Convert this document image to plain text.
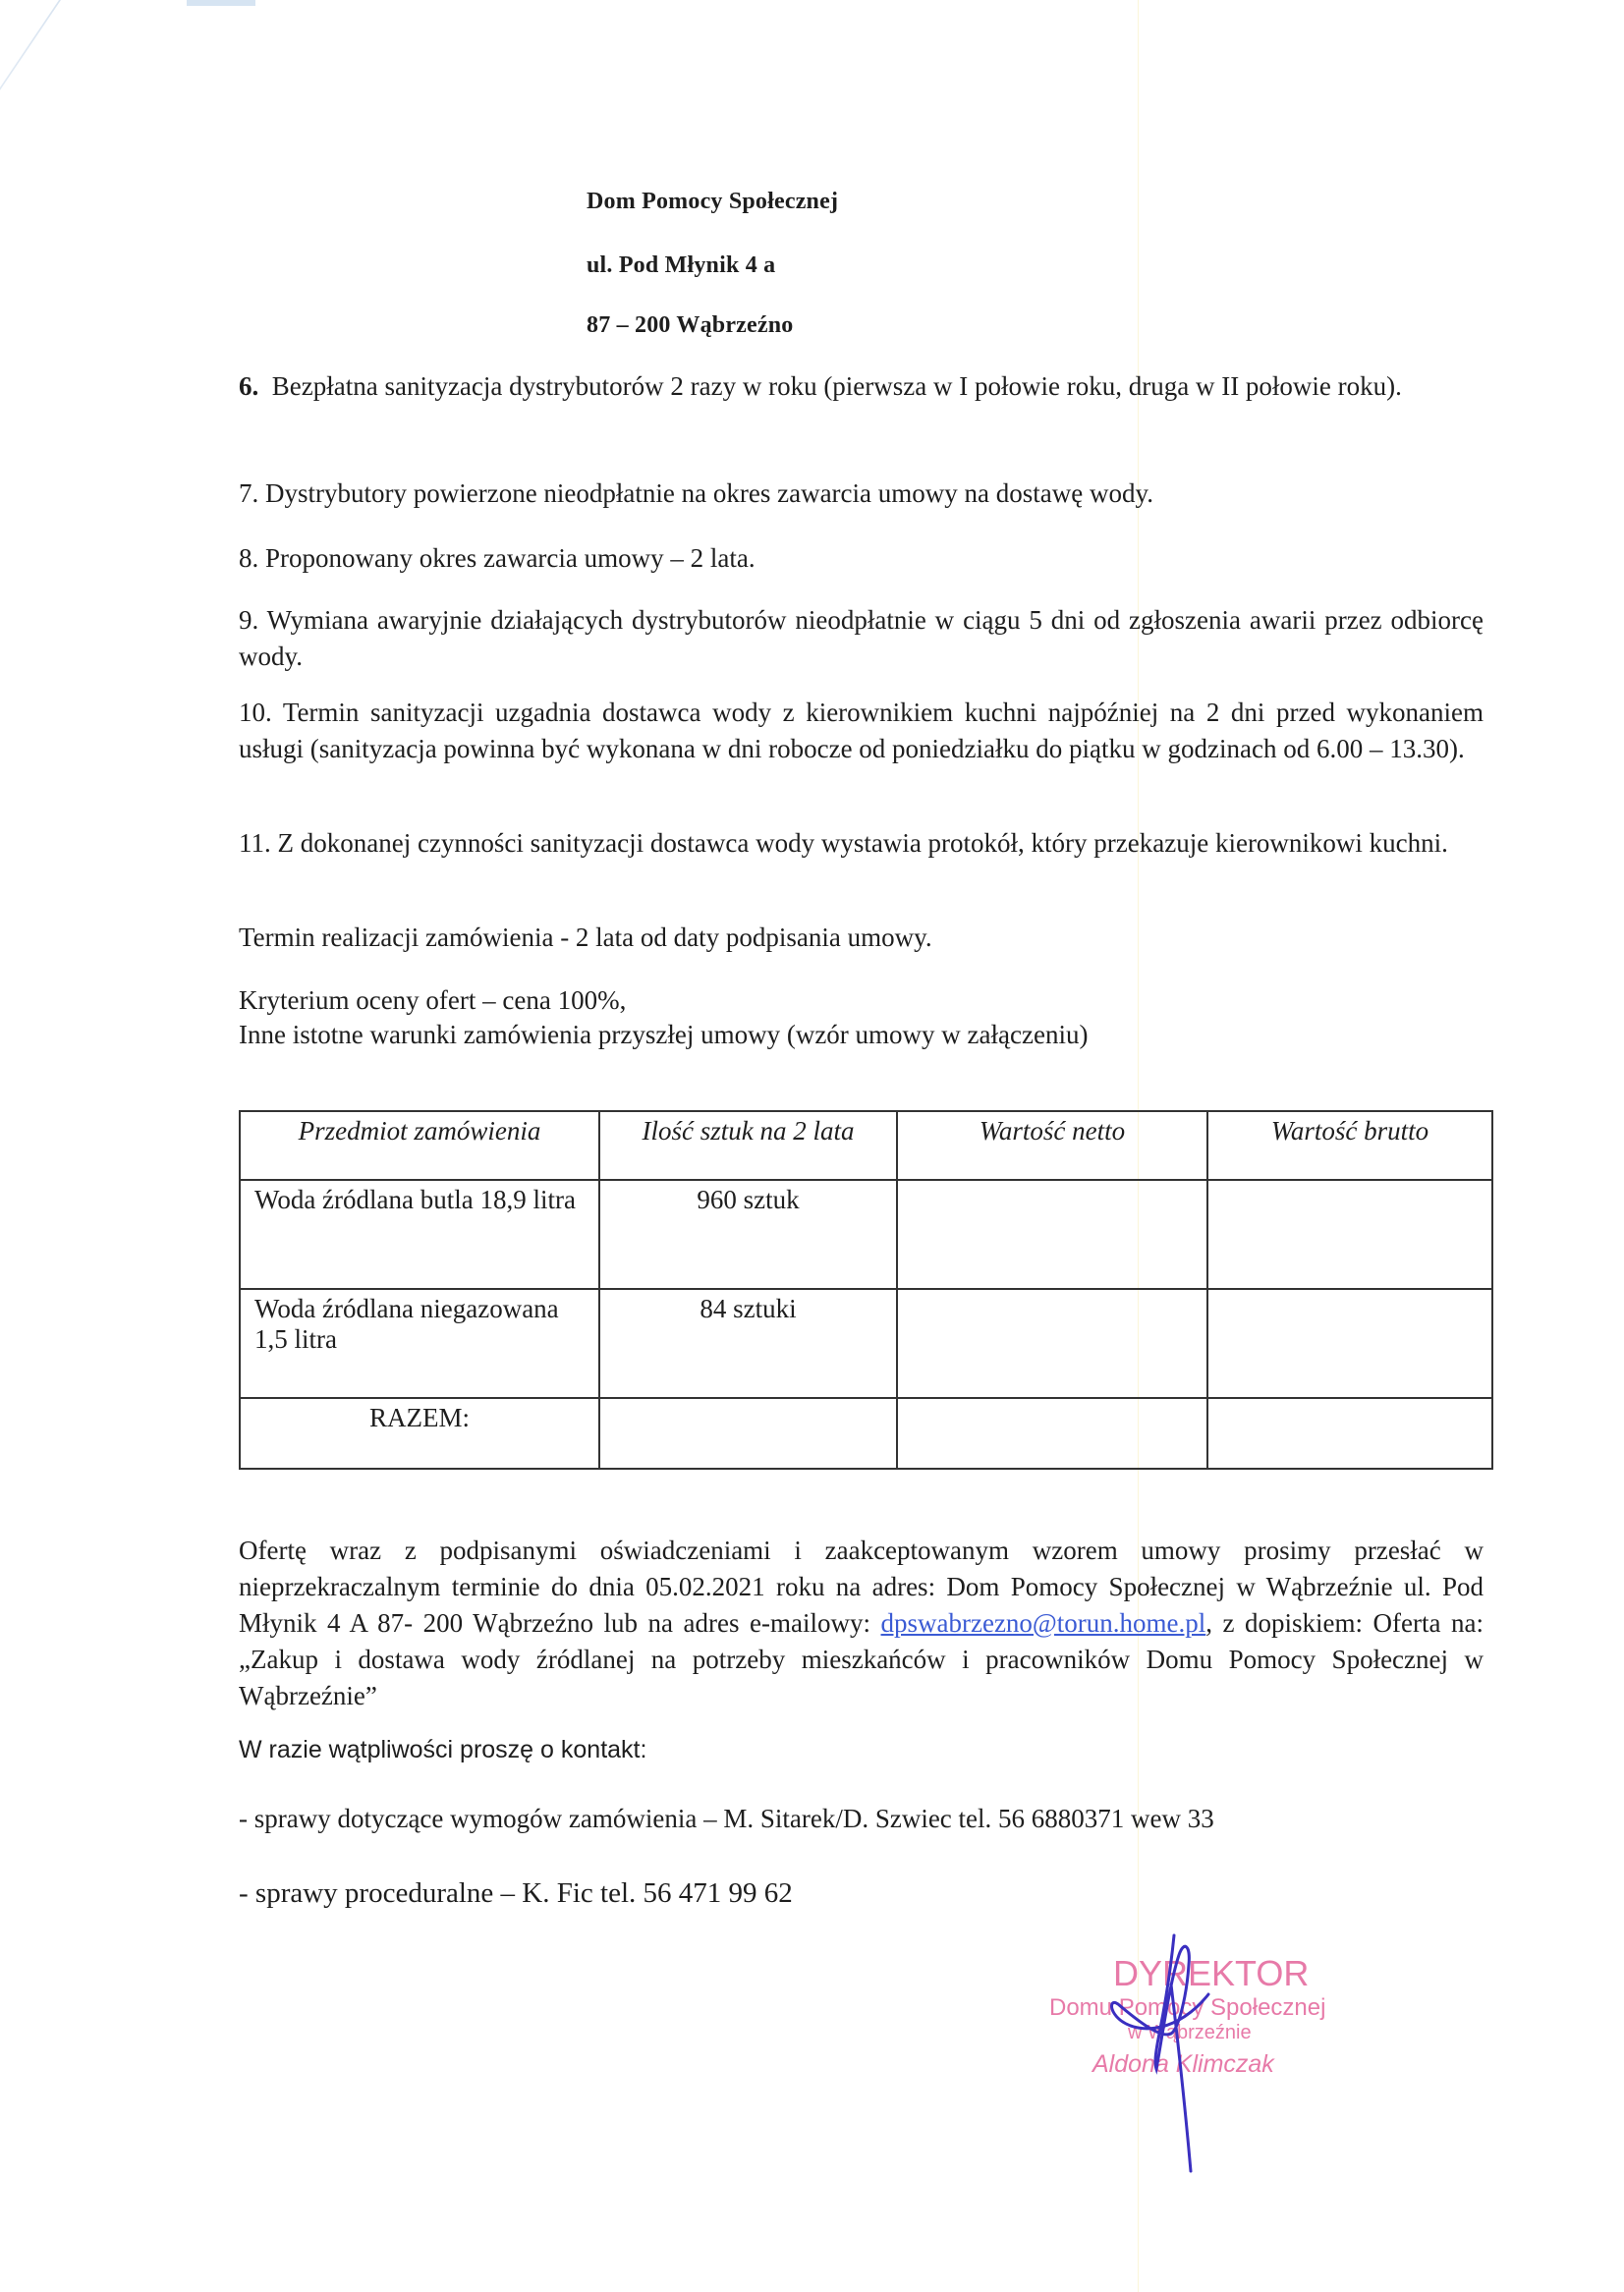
Dom Pomocy Społecznej
ul. Pod Młynik 4 a
87 – 200 Wąbrzeźno
6. Bezpłatna sanityzacja dystrybutorów 2 razy w roku (pierwsza w I połowie roku, druga w II połowie roku).
7. Dystrybutory powierzone nieodpłatnie na okres zawarcia umowy na dostawę wody.
8. Proponowany okres zawarcia umowy – 2 lata.
9. Wymiana awaryjnie działających dystrybutorów nieodpłatnie w ciągu 5 dni od zgłoszenia awarii przez odbiorcę wody.
10. Termin sanityzacji uzgadnia dostawca wody z kierownikiem kuchni najpóźniej na 2 dni przed wykonaniem usługi (sanityzacja powinna być wykonana w dni robocze od poniedziałku do piątku w godzinach od 6.00 – 13.30).
11. Z dokonanej czynności sanityzacji dostawca wody wystawia protokół, który przekazuje kierownikowi kuchni.
Termin realizacji zamówienia - 2 lata od daty podpisania umowy.
Kryterium oceny ofert – cena 100%,
Inne istotne warunki zamówienia przyszłej umowy (wzór umowy w załączeniu)
Przedmiot zamówienia	Ilość sztuk na 2 lata	Wartość netto	Wartość brutto
Woda źródlana butla 18,9 litra	960 sztuk		
Woda źródlana niegazowana 1,5 litra	84 sztuki		
RAZEM:			
Ofertę wraz z podpisanymi oświadczeniami i zaakceptowanym wzorem umowy prosimy przesłać w nieprzekraczalnym terminie do dnia 05.02.2021 roku na adres: Dom Pomocy Społecznej w Wąbrzeźnie ul. Pod Młynik 4 A 87- 200 Wąbrzeźno lub na adres e-mailowy: dpswabrzezno@torun.home.pl, z dopiskiem: Oferta na: „Zakup i dostawa wody źródlanej na potrzeby mieszkańców i pracowników Domu Pomocy Społecznej w Wąbrzeźnie”
W razie wątpliwości proszę o kontakt:
- sprawy dotyczące wymogów zamówienia – M. Sitarek/D. Szwiec tel. 56 6880371 wew 33
- sprawy proceduralne – K. Fic tel. 56 471 99 62
DYREKTOR
Domu Pomocy Społecznej
w Wąbrzeźnie
Aldona Klimczak
